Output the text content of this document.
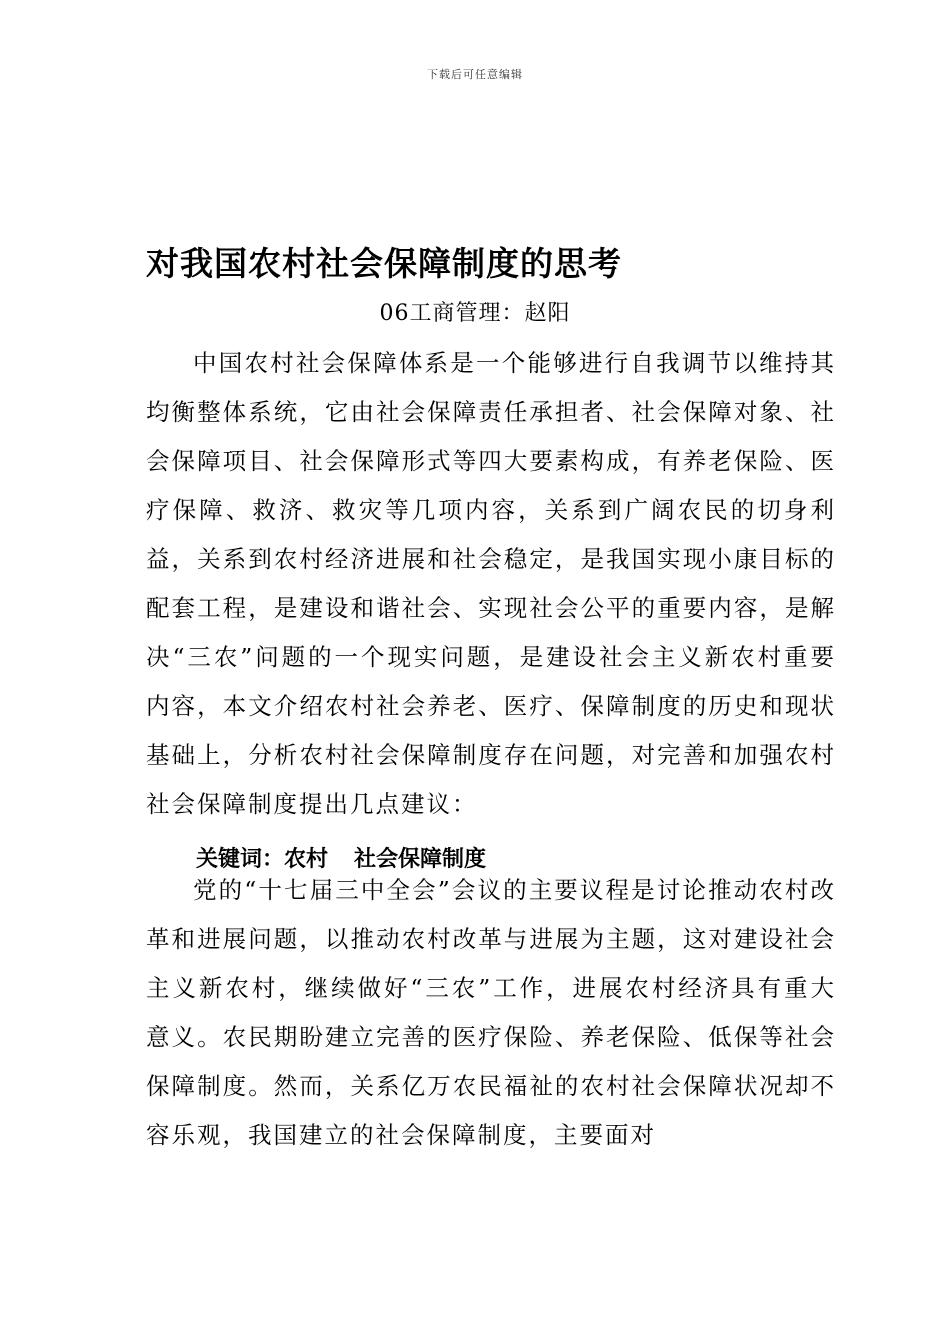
下载后可任意编辑
对我国农村社会保障制度的思考
06工商管理：赵阳

中国农村社会保障体系是一个能够进行自我调节以维持其均衡整体系统，它由社会保障责任承担者、社会保障对象、社会保障项目、社会保障形式等四大要素构成，有养老保险、医疗保障、救济、救灾等几项内容，关系到广阔农民的切身利益，关系到农村经济进展和社会稳定，是我国实现小康目标的配套工程，是建设和谐社会、实现社会公平的重要内容，是解决“三农”问题的一个现实问题，是建设社会主义新农村重要内容，本文介绍农村社会养老、医疗、保障制度的历史和现状基础上，分析农村社会保障制度存在问题，对完善和加强农村社会保障制度提出几点建议：

关键词：农村 社会保障制度

党的“十七届三中全会”会议的主要议程是讨论推动农村改革和进展问题，以推动农村改革与进展为主题，这对建设社会主义新农村，继续做好“三农”工作，进展农村经济具有重大意义。农民期盼建立完善的医疗保险、养老保险、低保等社会保障制度。然而，关系亿万农民福祉的农村社会保障状况却不容乐观，我国建立的社会保障制度，主要面对
